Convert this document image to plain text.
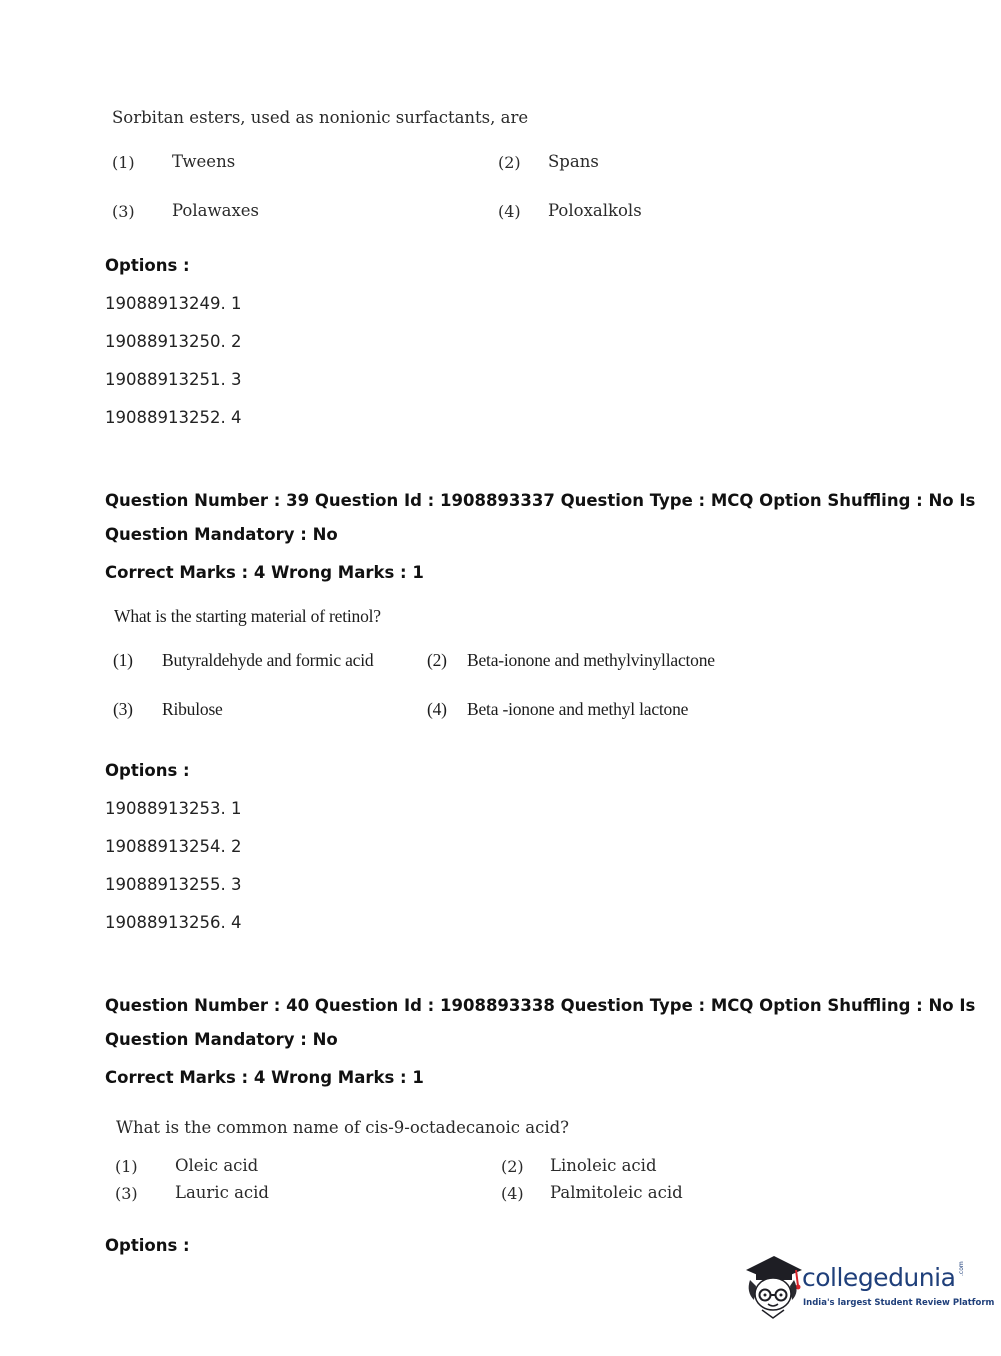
Sorbitan esters, used as nonionic surfactants, are
(1) Tweens	(2) Spans
(3) Polawaxes	(4) Poloxalkols
Options :
19088913249. 1
19088913250. 2
19088913251. 3
19088913252. 4
Question Number : 39 Question Id : 1908893337 Question Type : MCQ Option Shuffling : No Is
Question Mandatory : No
Correct Marks : 4 Wrong Marks : 1
What is the starting material of retinol?
(1) Butyraldehyde and formic acid	(2) Beta-ionone and methylvinyllactone
(3) Ribulose	(4) Beta -ionone and methyl lactone
Options :
19088913253. 1
19088913254. 2
19088913255. 3
19088913256. 4
Question Number : 40 Question Id : 1908893338 Question Type : MCQ Option Shuffling : No Is
Question Mandatory : No
Correct Marks : 4 Wrong Marks : 1
What is the common name of cis-9-octadecanoic acid?
(1) Oleic acid	(2) Linoleic acid
(3) Lauric acid	(4) Palmitoleic acid
Options :
collegedunia .com
India's largest Student Review Platform
